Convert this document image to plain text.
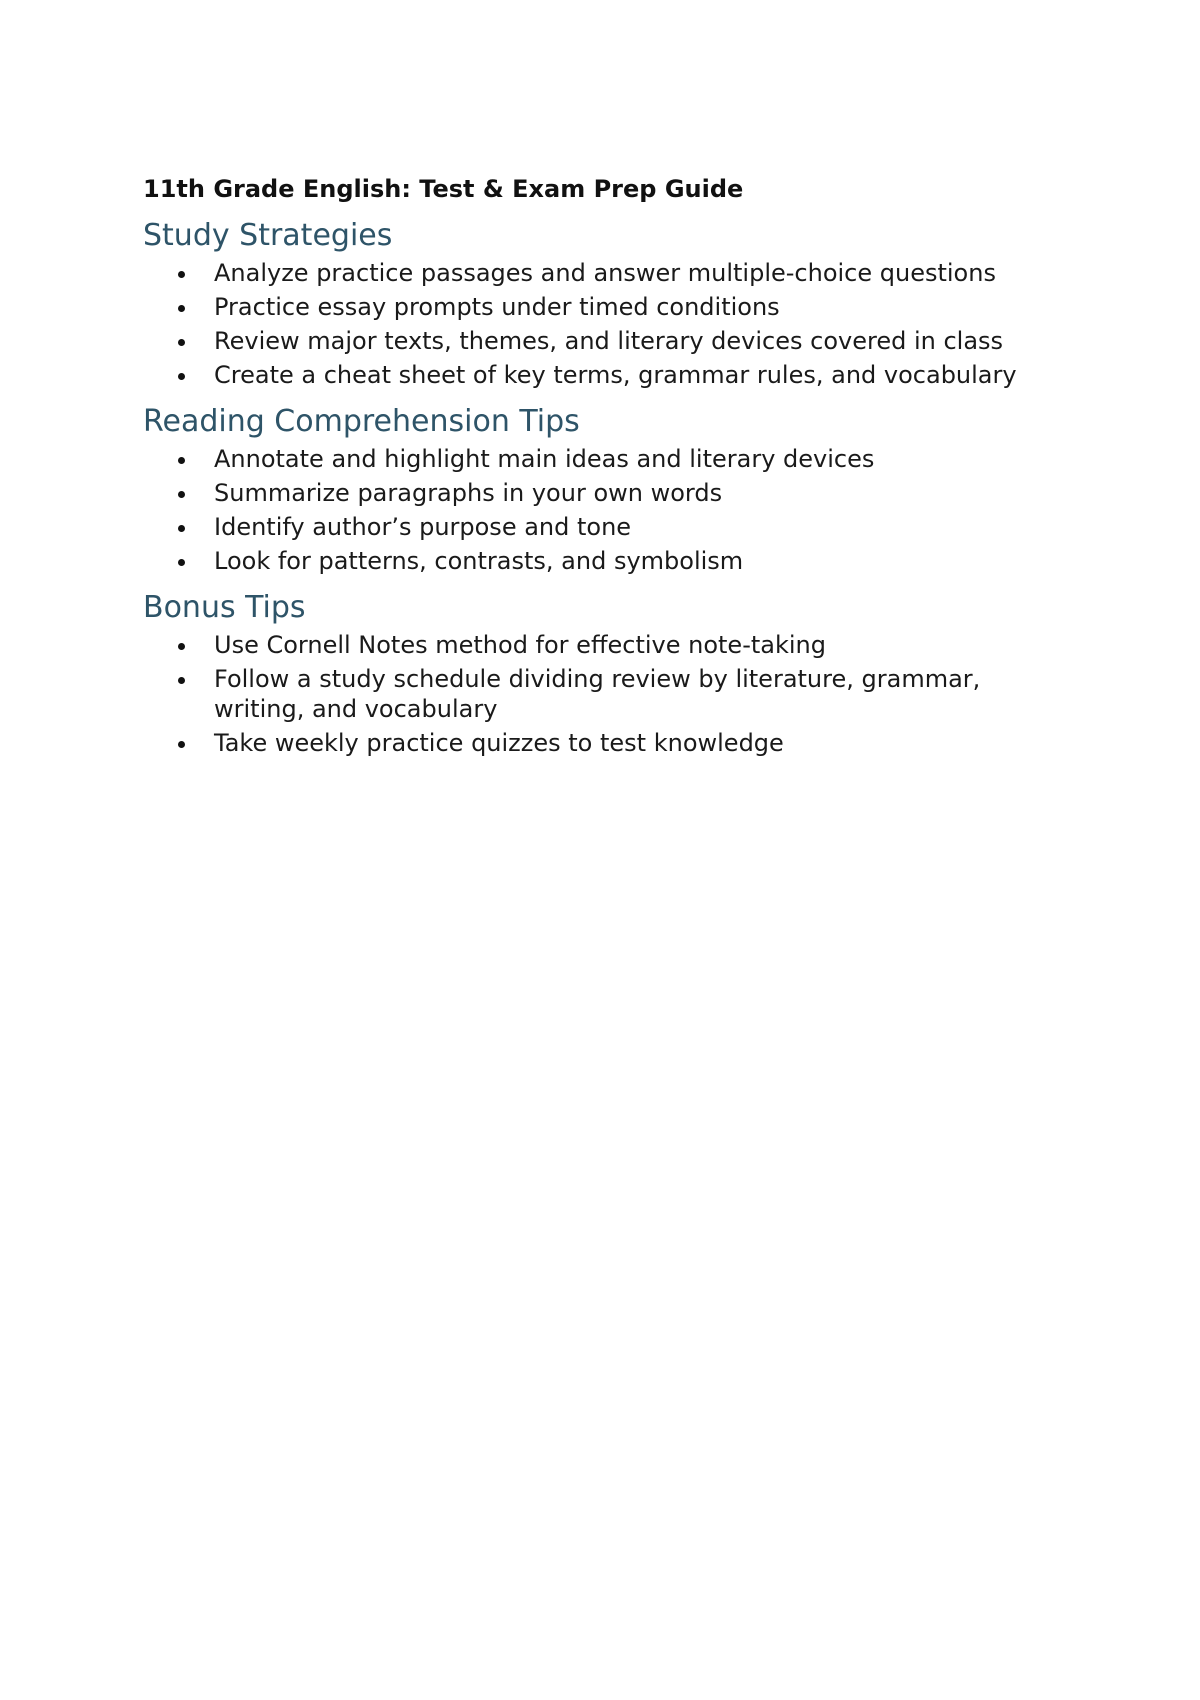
11th Grade English: Test & Exam Prep Guide
Study Strategies
Analyze practice passages and answer multiple-choice questions
Practice essay prompts under timed conditions
Review major texts, themes, and literary devices covered in class
Create a cheat sheet of key terms, grammar rules, and vocabulary
Reading Comprehension Tips
Annotate and highlight main ideas and literary devices
Summarize paragraphs in your own words
Identify author’s purpose and tone
Look for patterns, contrasts, and symbolism
Bonus Tips
Use Cornell Notes method for effective note-taking
Follow a study schedule dividing review by literature, grammar, writing, and vocabulary
Take weekly practice quizzes to test knowledge
